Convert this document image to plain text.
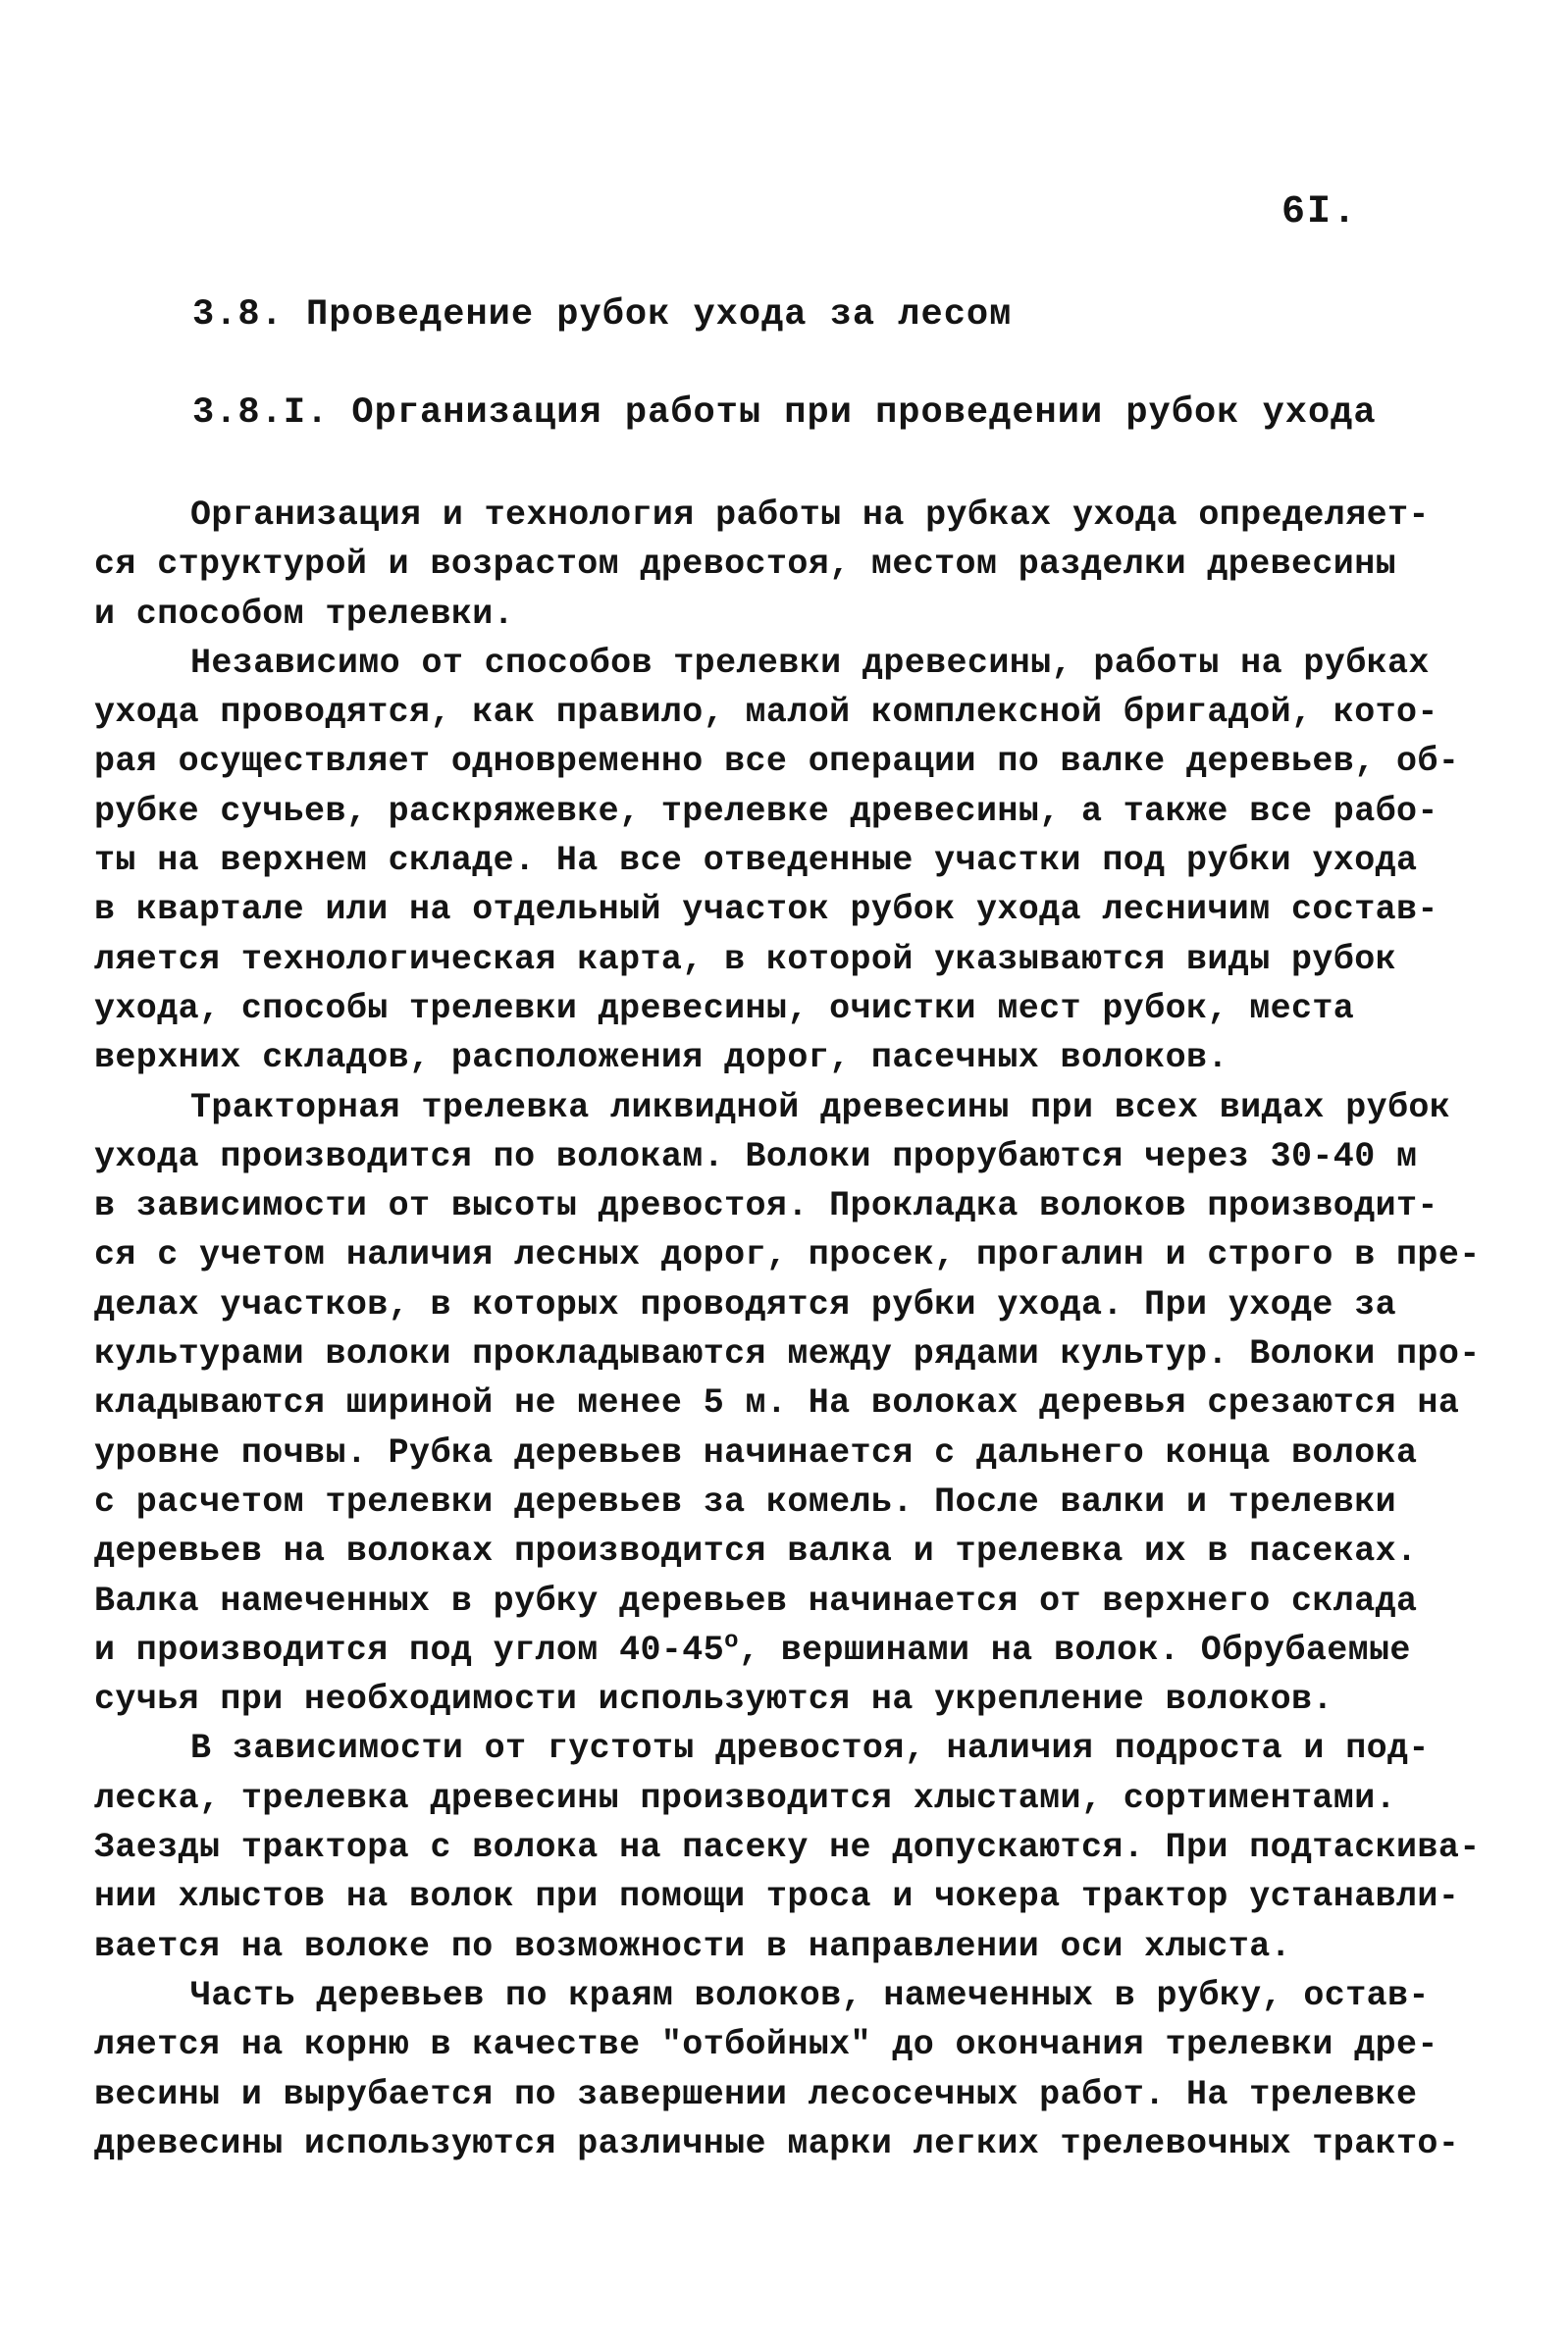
6I.
3.8. Проведение рубок ухода за лесом
3.8.I. Организация работы при проведении рубок ухода
Организация и технология работы на рубках ухода определяет-
ся структурой и возрастом древостоя, местом разделки древесины
и способом трелевки.
Независимо от способов трелевки древесины, работы на рубках
ухода проводятся, как правило, малой комплексной бригадой, кото-
рая осуществляет одновременно все операции по валке деревьев, об-
рубке сучьев, раскряжевке, трелевке древесины, а также все рабо-
ты на верхнем складе. На все отведенные участки под рубки ухода
в квартале или на отдельный участок рубок ухода лесничим состав-
ляется технологическая карта, в которой указываются виды рубок
ухода, способы трелевки древесины, очистки мест рубок, места
верхних складов, расположения дорог, пасечных волоков.
Тракторная трелевка ликвидной древесины при всех видах рубок
ухода производится по волокам. Волоки прорубаются через 30-40 м
в зависимости от высоты древостоя. Прокладка волоков производит-
ся с учетом наличия лесных дорог, просек, прогалин и строго в пре-
делах участков, в которых проводятся рубки ухода. При уходе за
культурами волоки прокладываются между рядами культур. Волоки про-
кладываются шириной не менее 5 м. На волоках деревья срезаются на
уровне почвы. Рубка деревьев начинается с дальнего конца волока
с расчетом трелевки деревьев за комель. После валки и трелевки
деревьев на волоках производится валка и трелевка их в пасеках.
Валка намеченных в рубку деревьев начинается от верхнего склада
и производится под углом $40-45^о$, вершинами на волок. Обрубаемые
сучья при необходимости используются на укрепление волоков.
В зависимости от густоты древостоя, наличия подроста и под-
леска, трелевка древесины производится хлыстами, сортиментами.
Заезды трактора с волока на пасеку не допускаются. При подтаскива-
нии хлыстов на волок при помощи троса и чокера трактор устанавли-
вается на волоке по возможности в направлении оси хлыста.
Часть деревьев по краям волоков, намеченных в рубку, остав-
ляется на корню в качестве "отбойных" до окончания трелевки дре-
весины и вырубается по завершении лесосечных работ. На трелевке
древесины используются различные марки легких трелевочных тракто-
